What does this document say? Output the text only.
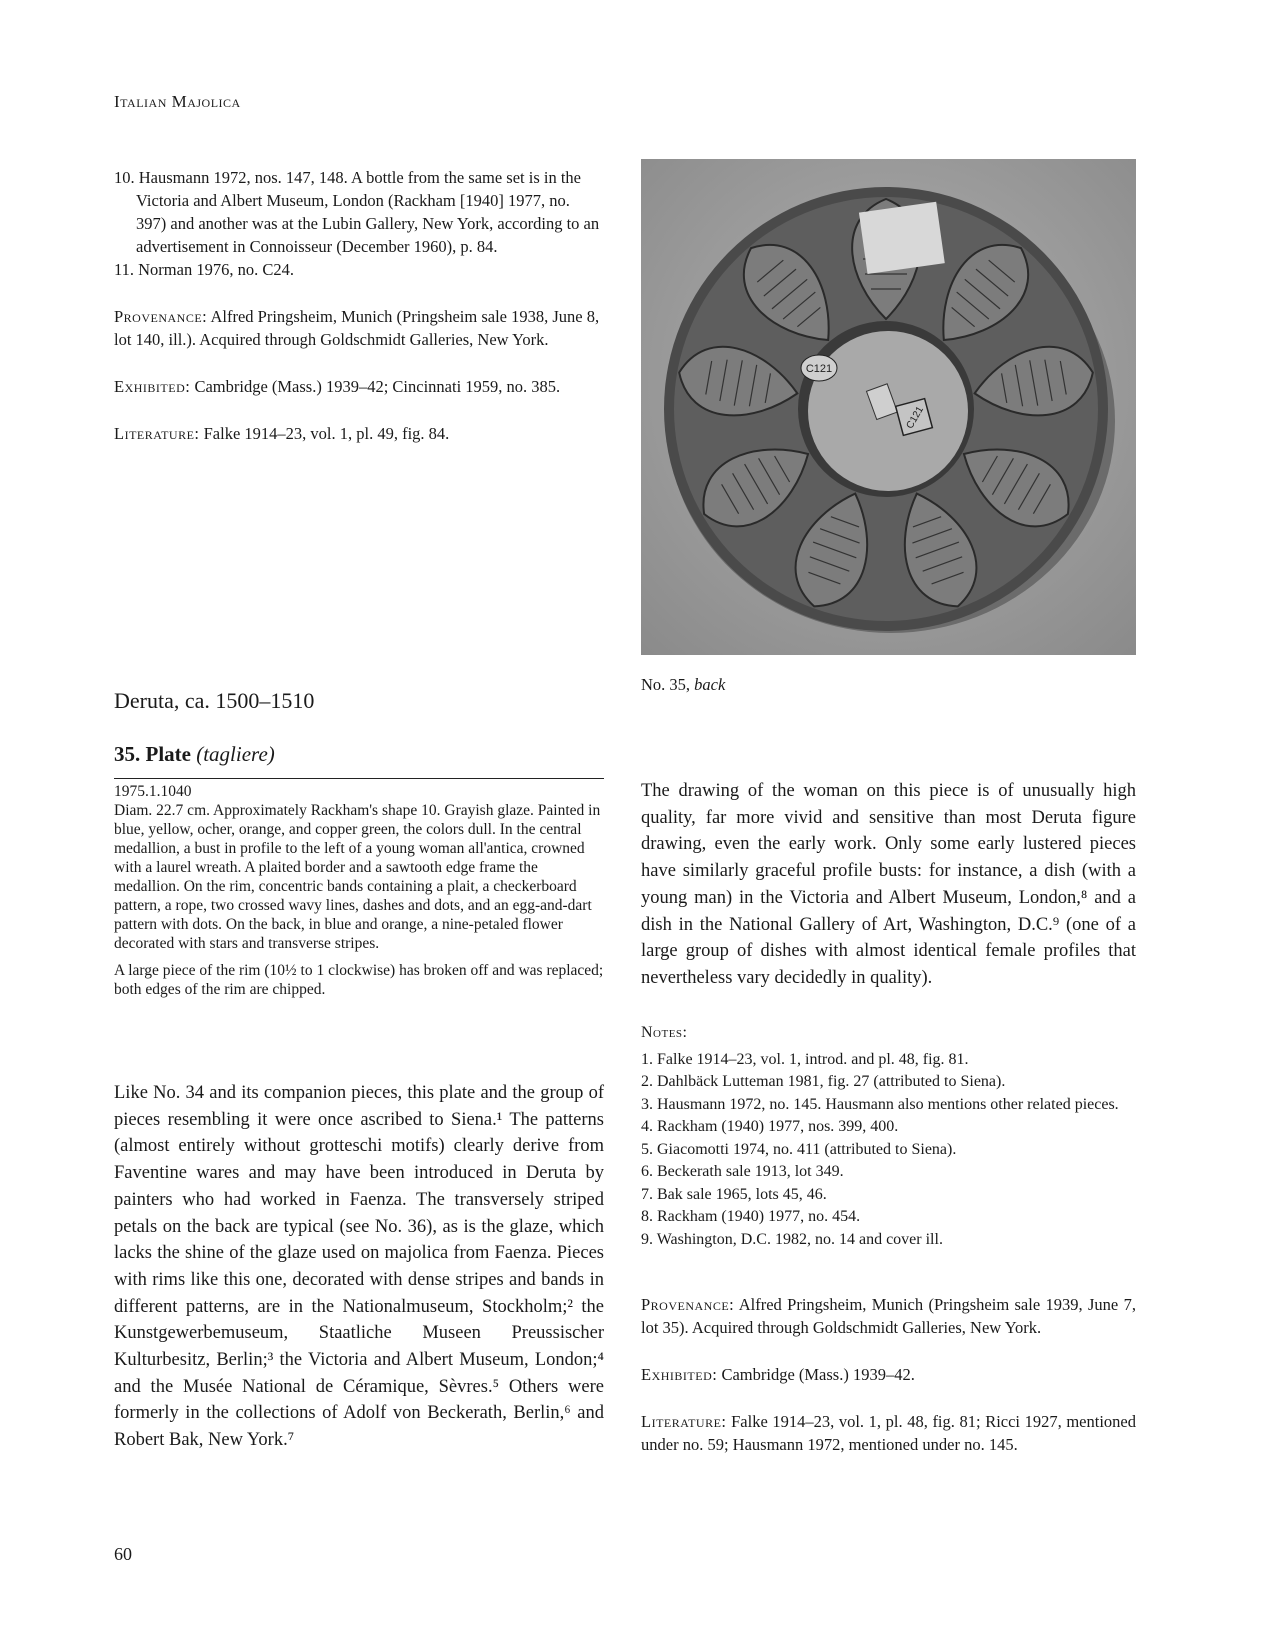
Italian Majolica

10. Hausmann 1972, nos. 147, 148. A bottle from the same set is in the Victoria and Albert Museum, London (Rackham [1940] 1977, no. 397) and another was at the Lubin Gallery, New York, according to an advertisement in Connoisseur (December 1960), p. 84.

11. Norman 1976, no. C24.

Provenance: Alfred Pringsheim, Munich (Pringsheim sale 1938, June 8, lot 140, ill.). Acquired through Goldschmidt Galleries, New York.

Exhibited: Cambridge (Mass.) 1939–42; Cincinnati 1959, no. 385.

Literature: Falke 1914–23, vol. 1, pl. 49, fig. 84.

C121
C121
No. 35, back
Deruta, ca. 1500–1510
35. Plate (tagliere)

1975.1.1040

Diam. 22.7 cm. Approximately Rackham's shape 10. Grayish glaze. Painted in blue, yellow, ocher, orange, and copper green, the colors dull. In the central medallion, a bust in profile to the left of a young woman all'antica, crowned with a laurel wreath. A plaited border and a sawtooth edge frame the medallion. On the rim, concentric bands containing a plait, a checkerboard pattern, a rope, two crossed wavy lines, dashes and dots, and an egg-and-dart pattern with dots. On the back, in blue and orange, a nine-petaled flower decorated with stars and transverse stripes.

A large piece of the rim (10½ to 1 clockwise) has broken off and was replaced; both edges of the rim are chipped.

Like No. 34 and its companion pieces, this plate and the group of pieces resembling it were once ascribed to Siena.¹ The patterns (almost entirely without grotteschi motifs) clearly derive from Faventine wares and may have been introduced in Deruta by painters who had worked in Faenza. The transversely striped petals on the back are typical (see No. 36), as is the glaze, which lacks the shine of the glaze used on majolica from Faenza. Pieces with rims like this one, decorated with dense stripes and bands in different patterns, are in the Nationalmuseum, Stockholm;² the Kunstgewerbemuseum, Staatliche Museen Preussischer Kulturbesitz, Berlin;³ the Victoria and Albert Museum, London;⁴ and the Musée National de Céramique, Sèvres.⁵ Others were formerly in the collections of Adolf von Beckerath, Berlin,⁶ and Robert Bak, New York.⁷

The drawing of the woman on this piece is of unusually high quality, far more vivid and sensitive than most Deruta figure drawing, even the early work. Only some early lustered pieces have similarly graceful profile busts: for instance, a dish (with a young man) in the Victoria and Albert Museum, London,⁸ and a dish in the National Gallery of Art, Washington, D.C.⁹ (one of a large group of dishes with almost identical female profiles that nevertheless vary decidedly in quality).

Notes:
1. Falke 1914–23, vol. 1, introd. and pl. 48, fig. 81.
2. Dahlbäck Lutteman 1981, fig. 27 (attributed to Siena).
3. Hausmann 1972, no. 145. Hausmann also mentions other related pieces.
4. Rackham (1940) 1977, nos. 399, 400.
5. Giacomotti 1974, no. 411 (attributed to Siena).
6. Beckerath sale 1913, lot 349.
7. Bak sale 1965, lots 45, 46.
8. Rackham (1940) 1977, no. 454.
9. Washington, D.C. 1982, no. 14 and cover ill.

Provenance: Alfred Pringsheim, Munich (Pringsheim sale 1939, June 7, lot 35). Acquired through Goldschmidt Galleries, New York.

Exhibited: Cambridge (Mass.) 1939–42.

Literature: Falke 1914–23, vol. 1, pl. 48, fig. 81; Ricci 1927, mentioned under no. 59; Hausmann 1972, mentioned under no. 145.

60
